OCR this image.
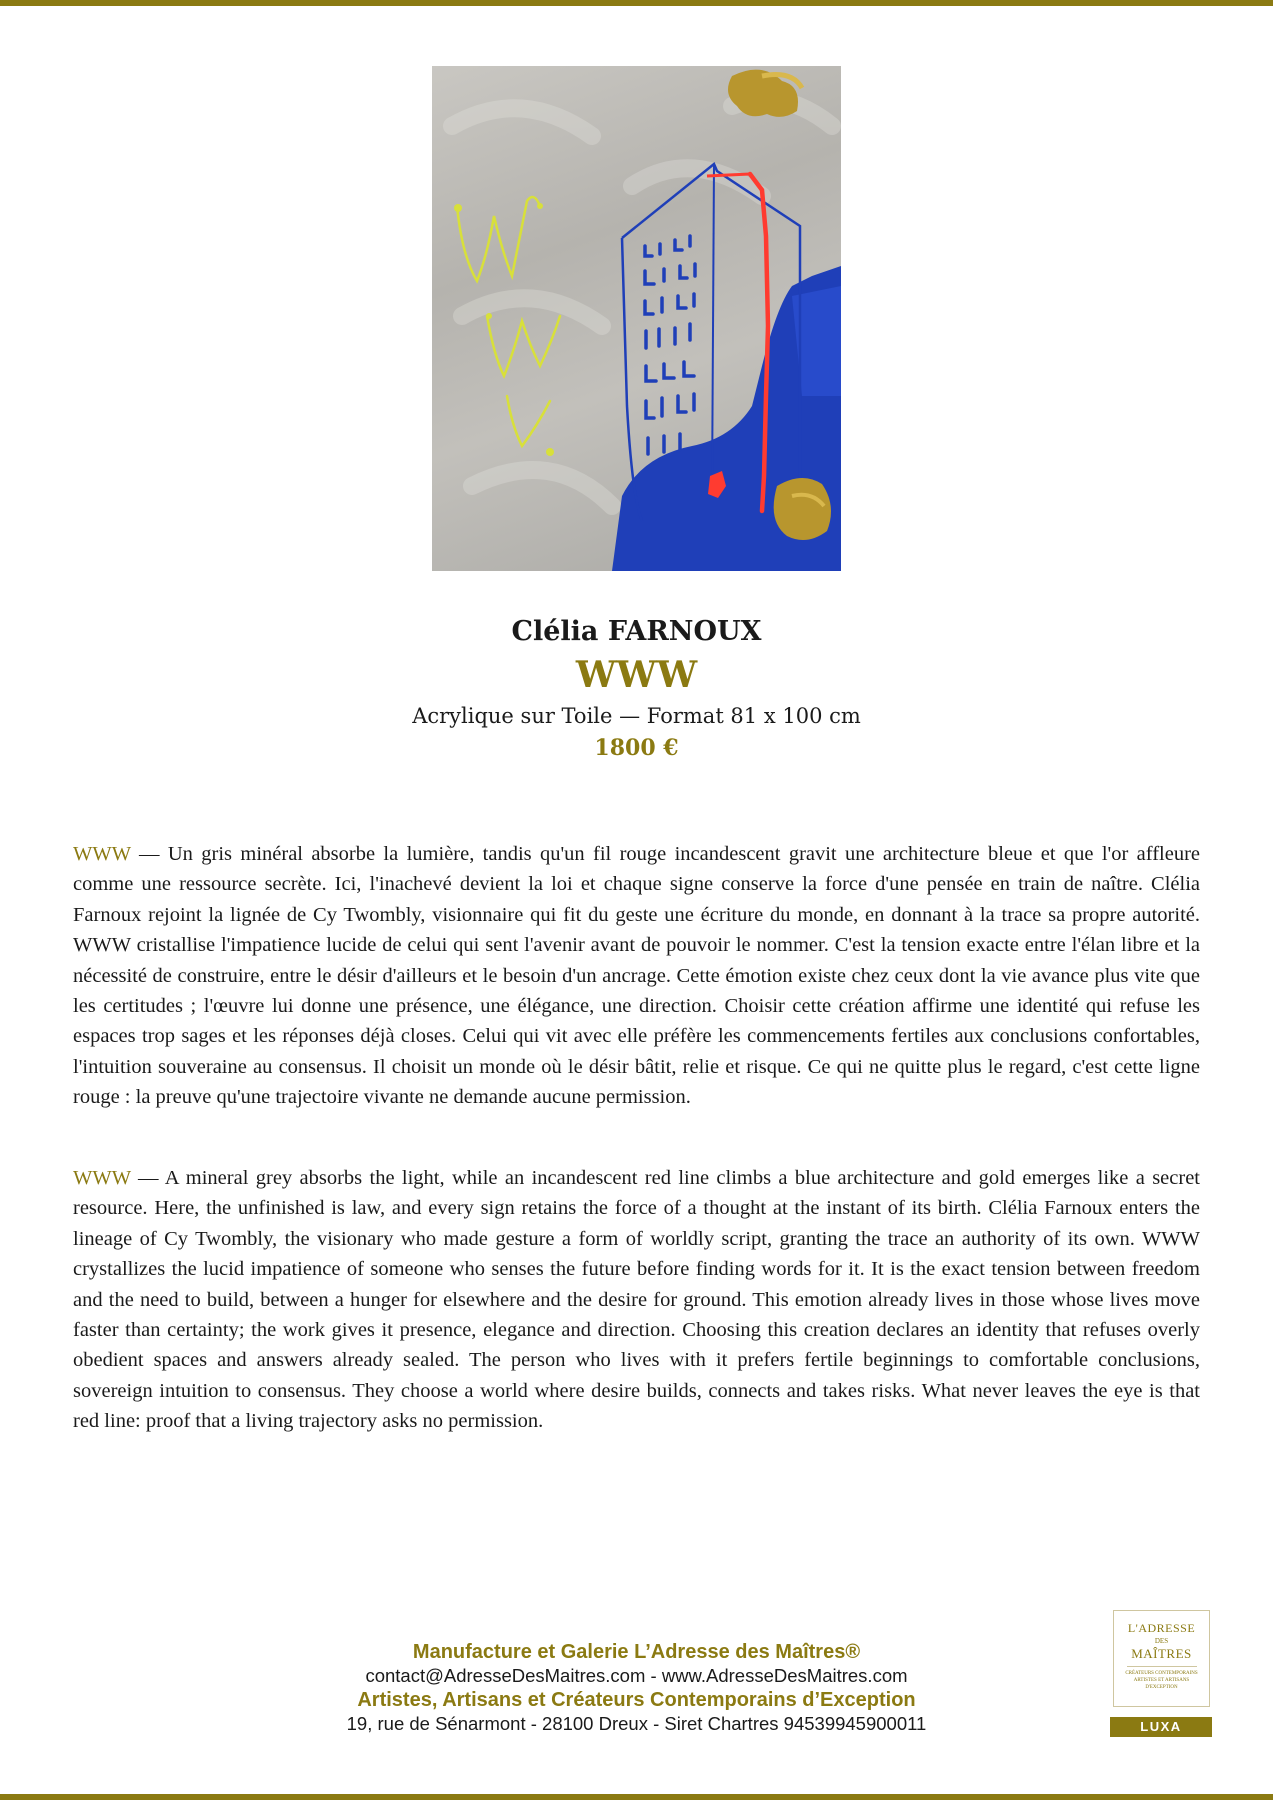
Clélia FARNOUX
WWW
Acrylique sur Toile — Format 81 x 100 cm
1800 €

WWW — Un gris minéral absorbe la lumière, tandis qu'un fil rouge incandescent gravit une architecture bleue et que l'or affleure comme une ressource secrète. Ici, l'inachevé devient la loi et chaque signe conserve la force d'une pensée en train de naître. Clélia Farnoux rejoint la lignée de Cy Twombly, visionnaire qui fit du geste une écriture du monde, en donnant à la trace sa propre autorité. WWW cristallise l'impatience lucide de celui qui sent l'avenir avant de pouvoir le nommer. C'est la tension exacte entre l'élan libre et la nécessité de construire, entre le désir d'ailleurs et le besoin d'un ancrage. Cette émotion existe chez ceux dont la vie avance plus vite que les certitudes ; l'œuvre lui donne une présence, une élégance, une direction. Choisir cette création affirme une identité qui refuse les espaces trop sages et les réponses déjà closes. Celui qui vit avec elle préfère les commencements fertiles aux conclusions confortables, l'intuition souveraine au consensus. Il choisit un monde où le désir bâtit, relie et risque. Ce qui ne quitte plus le regard, c'est cette ligne rouge : la preuve qu'une trajectoire vivante ne demande aucune permission.

WWW — A mineral grey absorbs the light, while an incandescent red line climbs a blue architecture and gold emerges like a secret resource. Here, the unfinished is law, and every sign retains the force of a thought at the instant of its birth. Clélia Farnoux enters the lineage of Cy Twombly, the visionary who made gesture a form of worldly script, granting the trace an authority of its own. WWW crystallizes the lucid impatience of someone who senses the future before finding words for it. It is the exact tension between freedom and the need to build, between a hunger for elsewhere and the desire for ground. This emotion already lives in those whose lives move faster than certainty; the work gives it presence, elegance and direction. Choosing this creation declares an identity that refuses overly obedient spaces and answers already sealed. The person who lives with it prefers fertile beginnings to comfortable conclusions, sovereign intuition to consensus. They choose a world where desire builds, connects and takes risks. What never leaves the eye is that red line: proof that a living trajectory asks no permission.

Manufacture et Galerie L’Adresse des Maîtres®
contact@AdresseDesMaitres.com - www.AdresseDesMaitres.com
Artistes, Artisans et Créateurs Contemporains d’Exception
19, rue de Sénarmont - 28100 Dreux - Siret Chartres 94539945900011
L'ADRESSE
DES
MAÎTRES
CRÉATEURS CONTEMPORAINS ARTISTES ET ARTISANS D'EXCEPTION
LUXA
